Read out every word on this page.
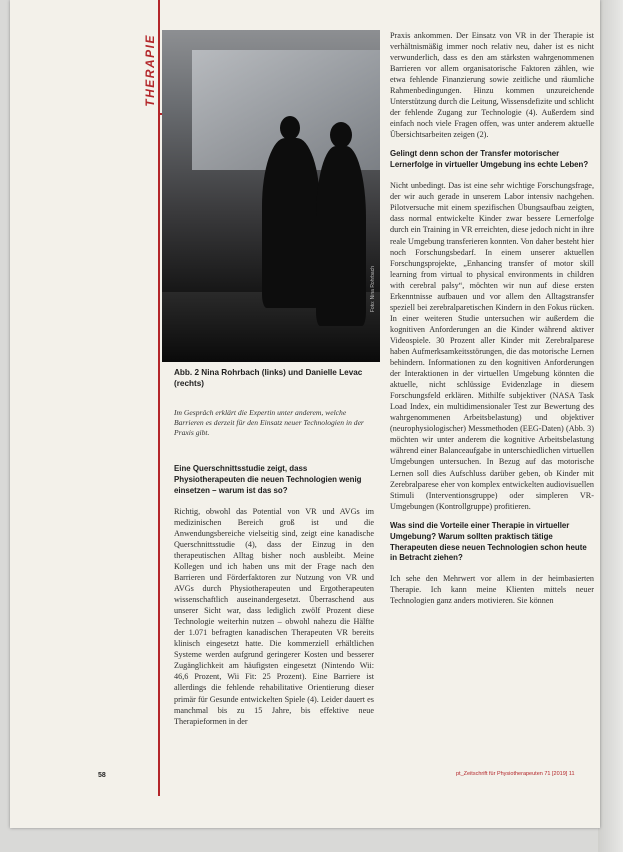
THERAPIE
Foto: Nina Rohrbach
Abb. 2 Nina Rohrbach (links) und Danielle Levac (rechts)
Im Gespräch erklärt die Expertin unter anderem, welche Barrieren es derzeit für den Einsatz neuer Technologien in der Praxis gibt.

Eine Querschnittsstudie zeigt, dass Physiotherapeuten die neuen Technologien wenig einsetzen – warum ist das so?

Richtig, obwohl das Potential von VR und AVGs im medizinischen Bereich groß ist und die Anwendungsbereiche vielseitig sind, zeigt eine kanadische Querschnittsstudie (4), dass der Einzug in den therapeutischen Alltag bisher noch ausbleibt. Meine Kollegen und ich haben uns mit der Frage nach den Barrieren und Förderfaktoren zur Nutzung von VR und AVGs durch Physiotherapeuten und Ergotherapeuten wissenschaftlich auseinandergesetzt. Überraschend aus unserer Sicht war, dass lediglich zwölf Prozent diese Technologie weiterhin nutzen – obwohl nahezu die Hälfte der 1.071 befragten kanadischen Therapeuten VR bereits klinisch eingesetzt hatte. Die kommerziell erhältlichen Systeme werden aufgrund geringerer Kosten und besserer Zugänglichkeit am häufigsten eingesetzt (Nintendo Wii: 46,6 Prozent, Wii Fit: 25 Prozent). Eine Barriere ist allerdings die fehlende rehabilitative Orientierung dieser primär für Gesunde entwickelten Spiele (4). Leider dauert es manchmal bis zu 15 Jahre, bis effektive neue Therapieformen in der

Praxis ankommen. Der Einsatz von VR in der Therapie ist verhältnismäßig immer noch relativ neu, daher ist es nicht verwunderlich, dass es den am stärksten wahrgenommenen Barrieren vor allem organisatorische Faktoren zählen, wie etwa fehlende Finanzierung sowie zeitliche und räumliche Rahmenbedingungen. Hinzu kommen unzureichende Unterstützung durch die Leitung, Wissensdefizite und schlicht der fehlende Zugang zur Technologie (4). Außerdem sind einfach noch viele Fragen offen, was unter anderem aktuelle Übersichtsarbeiten zeigen (2).

Gelingt denn schon der Transfer motorischer Lernerfolge in virtueller Umgebung ins echte Leben?

Nicht unbedingt. Das ist eine sehr wichtige Forschungsfrage, der wir auch gerade in unserem Labor intensiv nachgehen. Pilotversuche mit einem spezifischen Übungsaufbau zeigten, dass normal entwickelte Kinder zwar bessere Lernerfolge durch ein Training in VR erreichten, diese jedoch nicht in ihre reale Umgebung transferieren konnten. Von daher besteht hier noch Forschungsbedarf. In einem unserer aktuellen Forschungsprojekte, „Enhancing transfer of motor skill learning from virtual to physical environments in children with cerebral palsy“, möchten wir nun auf diese ersten Erkenntnisse aufbauen und vor allem den Alltagstransfer speziell bei zerebralparetischen Kindern in den Fokus rücken. In einer weiteren Studie untersuchen wir außerdem die kognitiven Anforderungen an die Kinder während aktiver Videospiele. 30 Prozent aller Kinder mit Zerebralparese haben Aufmerksamkeitsstörungen, die das motorische Lernen behindern. Informationen zu den kognitiven Anforderungen der Interaktionen in der virtuellen Umgebung könnten die aktuelle, nicht schlüssige Evidenzlage in diesem Forschungsfeld erklären. Mithilfe subjektiver (NASA Task Load Index, ein multidimensionaler Test zur Bewertung des wahrgenommenen Arbeitsbelastung) und objektiver (neurophysiologischer) Messmethoden (EEG-Daten) (Abb. 3) möchten wir unter anderem die kognitive Arbeitsbelastung während einer Balanceaufgabe in unterschiedlichen virtuellen Umgebungen untersuchen. In Bezug auf das motorische Lernen soll dies Aufschluss darüber geben, ob Kinder mit Zerebralparese eher von komplex entwickelten audiovisuellen Stimuli (Interventionsgruppe) oder simpleren VR-Umgebungen (Kontrollgruppe) profitieren.

Was sind die Vorteile einer Therapie in virtueller Umgebung? Warum sollten praktisch tätige Therapeuten diese neuen Technologien schon heute in Betracht ziehen?

Ich sehe den Mehrwert vor allem in der heimbasierten Therapie. Ich kann meine Klienten mittels neuer Technologien ganz anders motivieren. Sie können

58	pt_Zeitschrift für Physiotherapeuten 71 [2019] 11
